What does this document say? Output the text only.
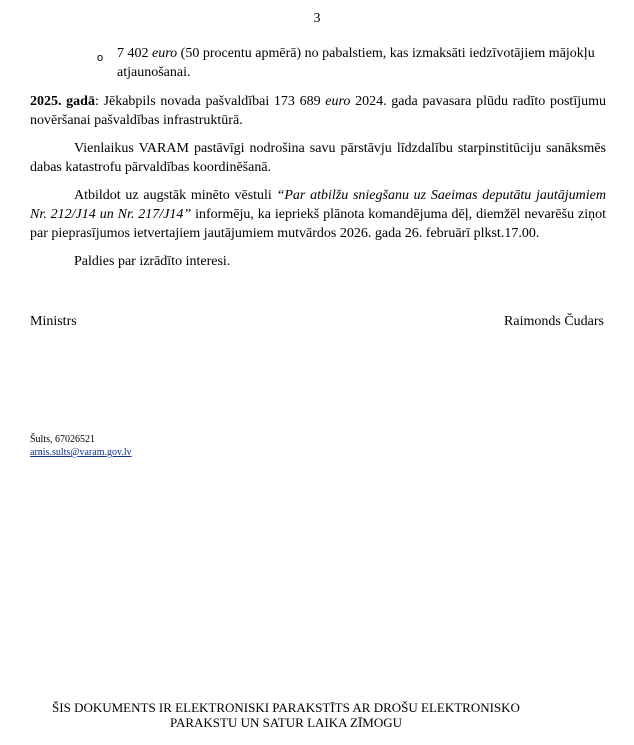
3
o 7 402 euro (50 procentu apmērā) no pabalstiem, kas izmaksāti iedzīvotājiem mājokļu atjaunošanai.
2025. gadā: Jēkabpils novada pašvaldībai 173 689 euro 2024. gada pavasara plūdu radīto postījumu novēršanai pašvaldības infrastruktūrā.
Vienlaikus VARAM pastāvīgi nodrošina savu pārstāvju līdzdalību starpinstitūciju sanāksmēs dabas katastrofu pārvaldības koordinēšanā.
Atbildot uz augstāk minēto vēstuli “Par atbilžu sniegšanu uz Saeimas deputātu jautājumiem Nr. 212/J14 un Nr. 217/J14” informēju, ka iepriekš plānota komandējuma dēļ, diemžēl nevarēšu ziņot par pieprasījumos ietvertajiem jautājumiem mutvārdos 2026. gada 26. februārī plkst.17.00.
Paldies par izrādīto interesi.
Ministrs	Raimonds Čudars
Šults, 67026521
arnis.sults@varam.gov.lv
ŠIS DOKUMENTS IR ELEKTRONISKI PARAKSTĪTS AR DROŠU ELEKTRONISKO
PARAKSTU UN SATUR LAIKA ZĪMOGU
